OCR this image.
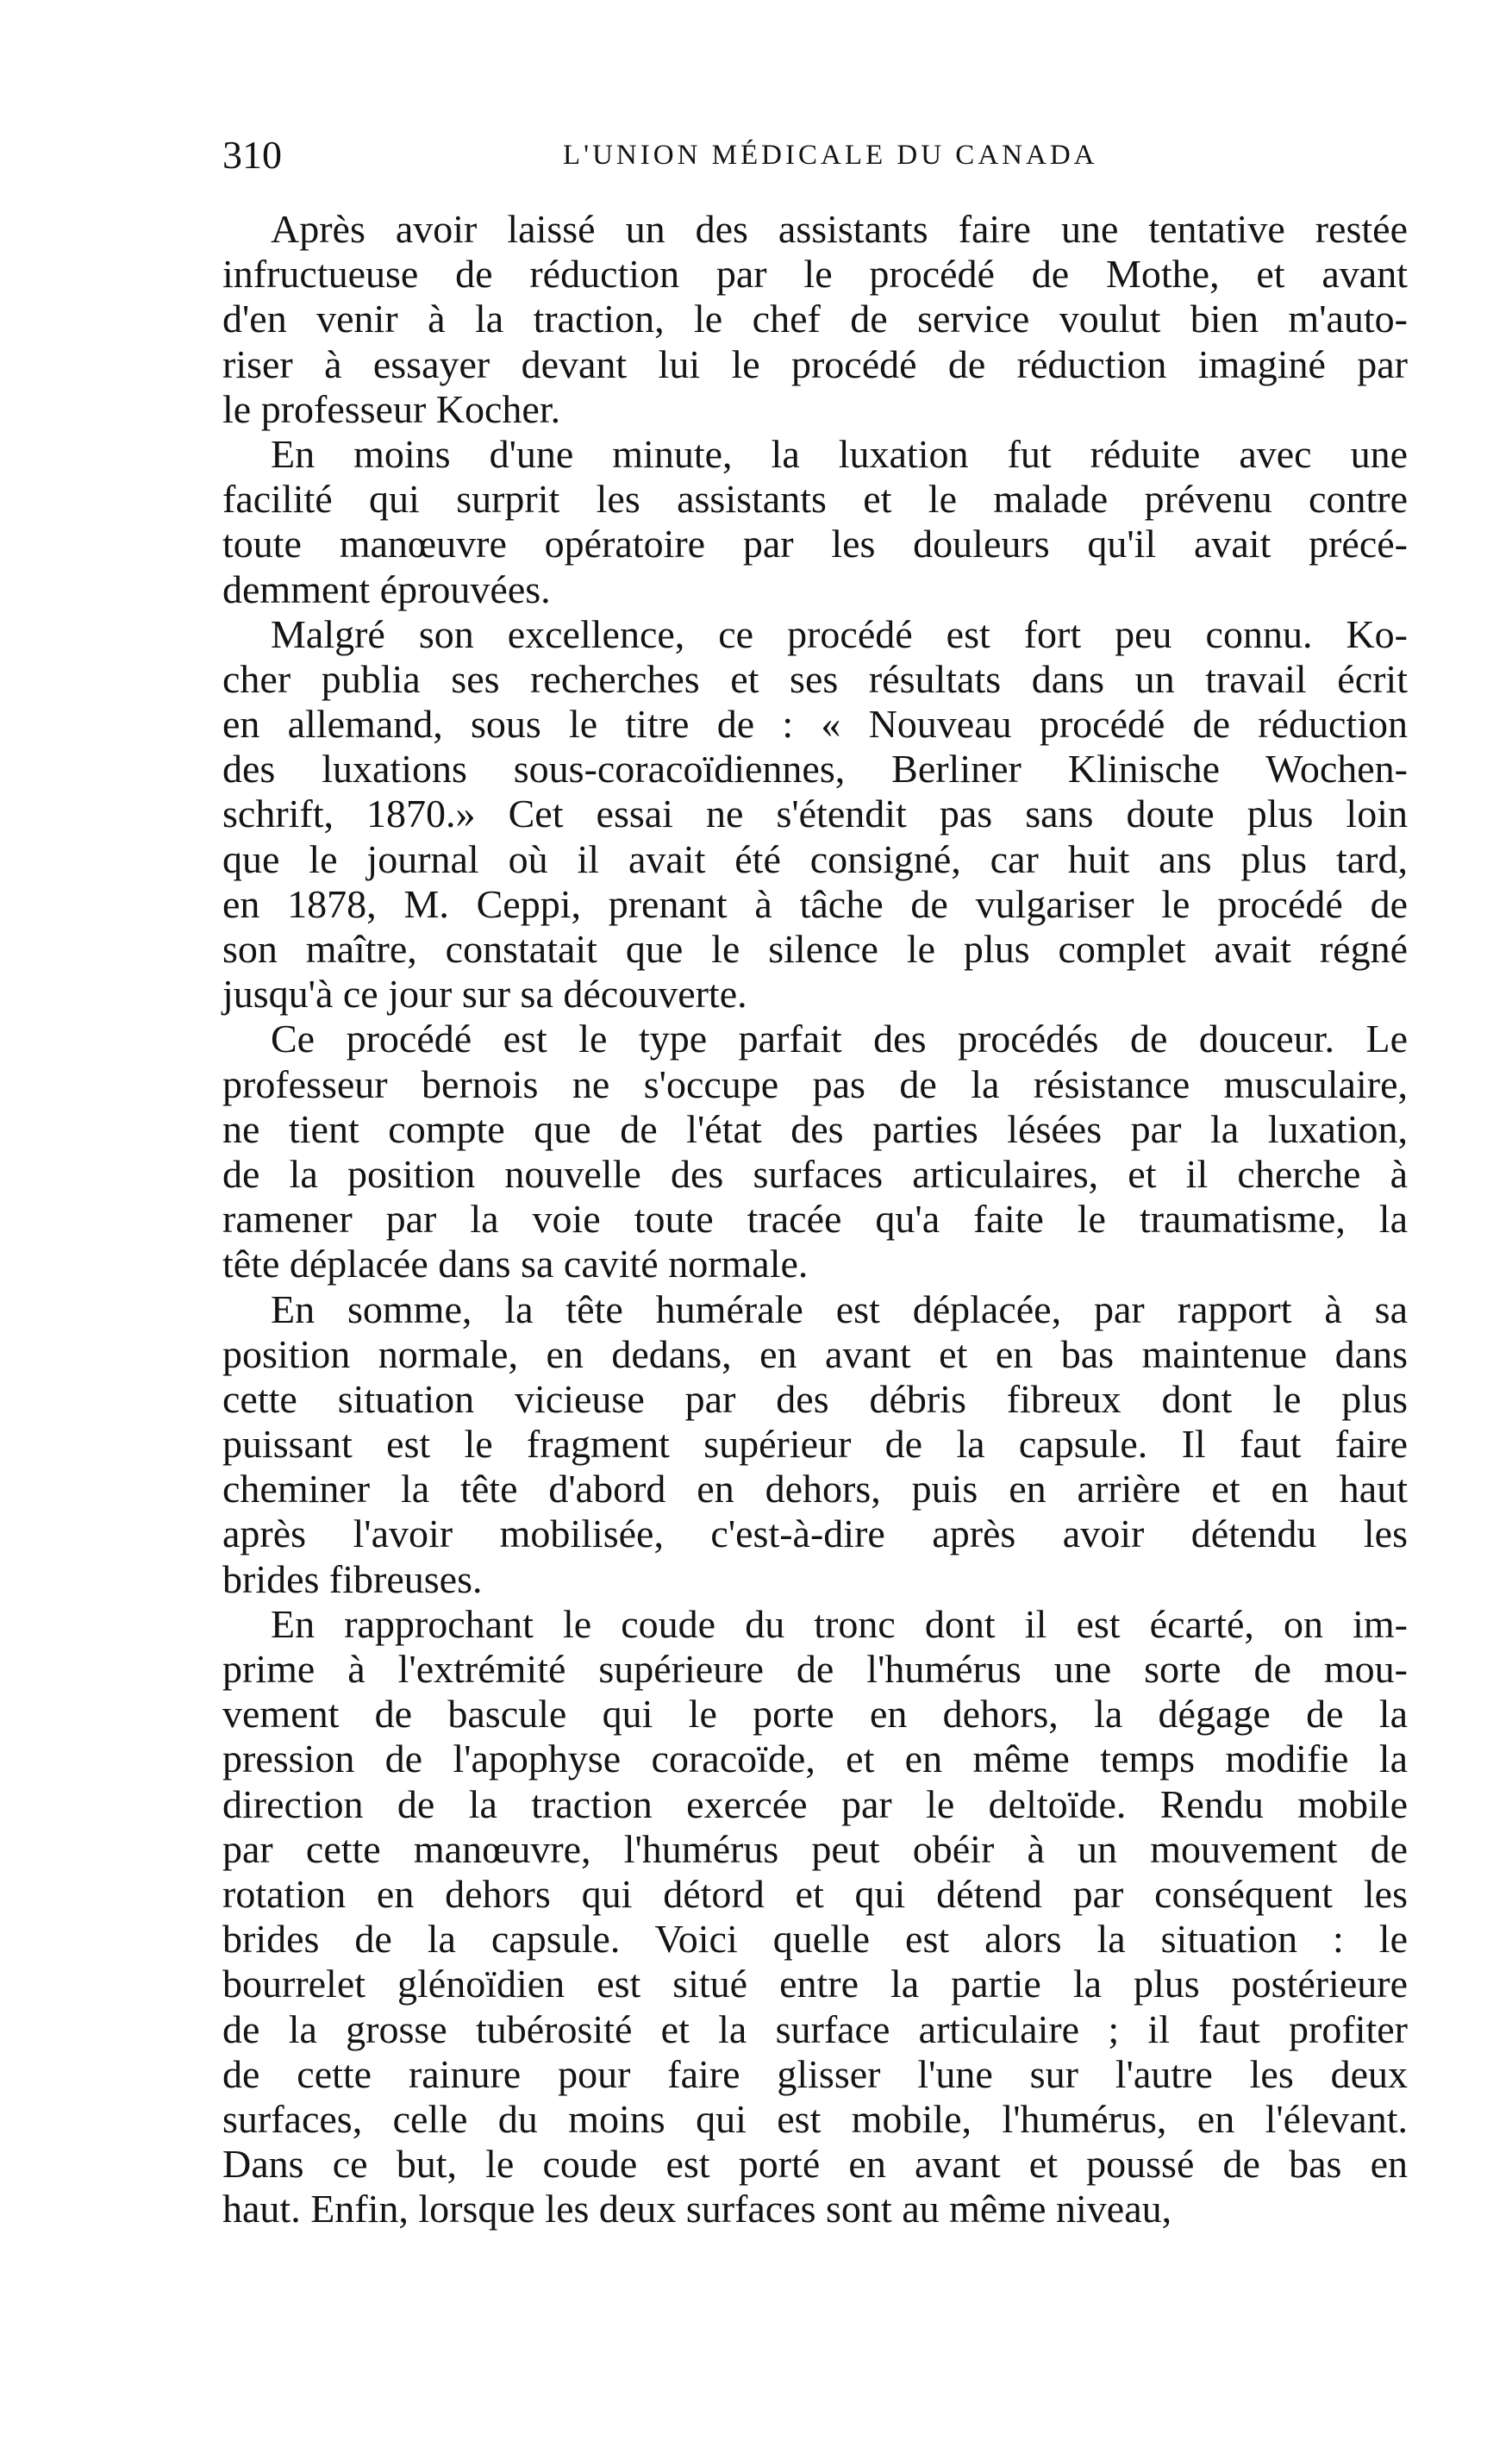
310	L'UNION MÉDICALE DU CANADA
Après avoir laissé un des assistants faire une tentative restée
infructueuse de réduction par le procédé de Mothe, et avant
d'en venir à la traction, le chef de service voulut bien m'auto-
riser à essayer devant lui le procédé de réduction imaginé par
le professeur Kocher.
En moins d'une minute, la luxation fut réduite avec une
facilité qui surprit les assistants et le malade prévenu contre
toute manœuvre opératoire par les douleurs qu'il avait précé-
demment éprouvées.
Malgré son excellence, ce procédé est fort peu connu. Ko-
cher publia ses recherches et ses résultats dans un travail écrit
en allemand, sous le titre de : « Nouveau procédé de réduction
des luxations sous-coracoïdiennes, Berliner Klinische Wochen-
schrift, 1870.» Cet essai ne s'étendit pas sans doute plus loin
que le journal où il avait été consigné, car huit ans plus tard,
en 1878, M. Ceppi, prenant à tâche de vulgariser le procédé de
son maître, constatait que le silence le plus complet avait régné
jusqu'à ce jour sur sa découverte.
Ce procédé est le type parfait des procédés de douceur. Le
professeur bernois ne s'occupe pas de la résistance musculaire,
ne tient compte que de l'état des parties lésées par la luxation,
de la position nouvelle des surfaces articulaires, et il cherche à
ramener par la voie toute tracée qu'a faite le traumatisme, la
tête déplacée dans sa cavité normale.
En somme, la tête humérale est déplacée, par rapport à sa
position normale, en dedans, en avant et en bas maintenue dans
cette situation vicieuse par des débris fibreux dont le plus
puissant est le fragment supérieur de la capsule. Il faut faire
cheminer la tête d'abord en dehors, puis en arrière et en haut
après l'avoir mobilisée, c'est-à-dire après avoir détendu les
brides fibreuses.
En rapprochant le coude du tronc dont il est écarté, on im-
prime à l'extrémité supérieure de l'humérus une sorte de mou-
vement de bascule qui le porte en dehors, la dégage de la
pression de l'apophyse coracoïde, et en même temps modifie la
direction de la traction exercée par le deltoïde. Rendu mobile
par cette manœuvre, l'humérus peut obéir à un mouvement de
rotation en dehors qui détord et qui détend par conséquent les
brides de la capsule. Voici quelle est alors la situation : le
bourrelet glénoïdien est situé entre la partie la plus postérieure
de la grosse tubérosité et la surface articulaire ; il faut profiter
de cette rainure pour faire glisser l'une sur l'autre les deux
surfaces, celle du moins qui est mobile, l'humérus, en l'élevant.
Dans ce but, le coude est porté en avant et poussé de bas en
haut. Enfin, lorsque les deux surfaces sont au même niveau,
